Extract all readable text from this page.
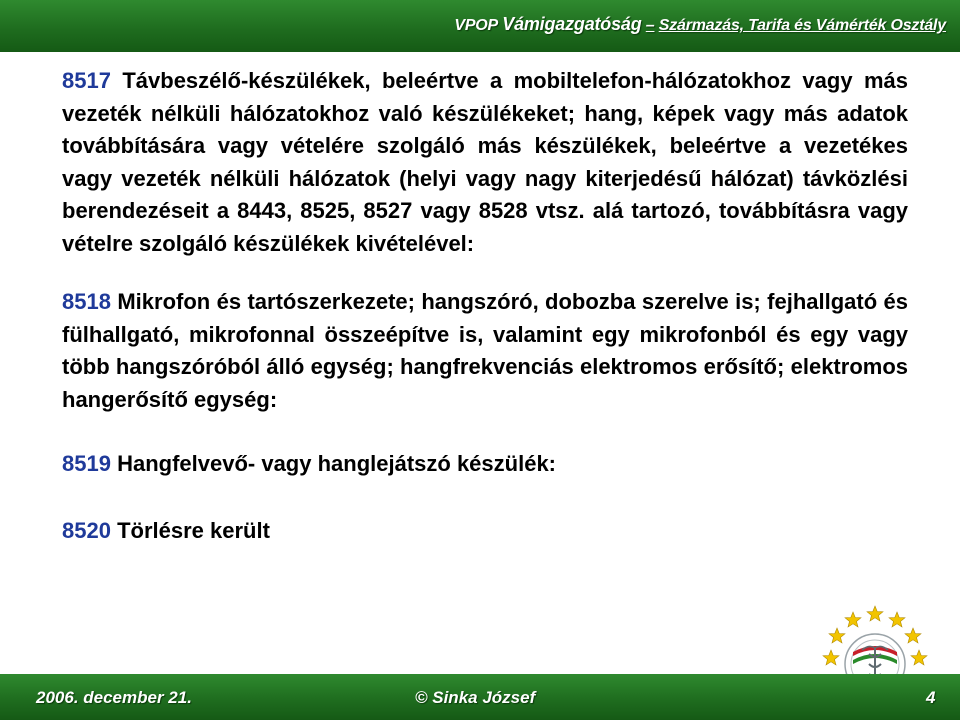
VPOP Vámigazgatóság – Származás, Tarifa és Vámérték Osztály

8517 Távbeszélő-készülékek, beleértve a mobiltelefon-hálózatokhoz vagy más vezeték nélküli hálózatokhoz való készülékeket; hang, képek vagy más adatok továbbítására vagy vételére szolgáló más készülékek, beleértve a vezetékes vagy vezeték nélküli hálózatok (helyi vagy nagy kiterjedésű hálózat) távközlési berendezéseit a 8443, 8525, 8527 vagy 8528 vtsz. alá tartozó, továbbításra vagy vételre szolgáló készülékek kivételével:

8518 Mikrofon és tartószerkezete; hangszóró, dobozba szerelve is; fejhallgató és fülhallgató, mikrofonnal összeépítve is, valamint egy mikrofonból és egy vagy több hangszóróból álló egység; hangfrekvenciás elektromos erősítő; elektromos hangerősítő egység:

8519 Hangfelvevő- vagy hanglejátszó készülék:

8520 Törlésre került

2006. december 21.	© Sinka József	4
